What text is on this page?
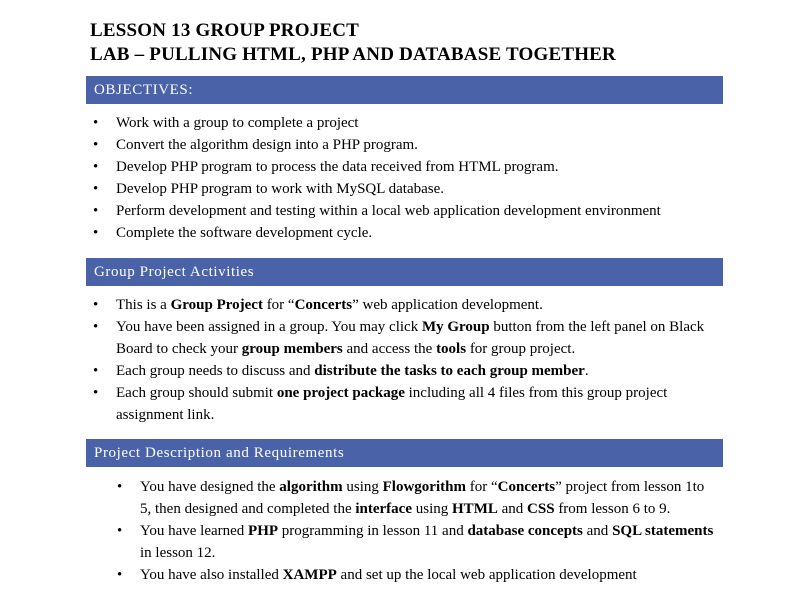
LESSON 13 GROUP PROJECT
LAB – PULLING HTML, PHP AND DATABASE TOGETHER
OBJECTIVES:
• Work with a group to complete a project
• Convert the algorithm design into a PHP program.
• Develop PHP program to process the data received from HTML program.
• Develop PHP program to work with MySQL database.
• Perform development and testing within a local web application development environment
• Complete the software development cycle.
Group Project Activities
• This is a Group Project for “Concerts” web application development.
• You have been assigned in a group. You may click My Group button from the left panel on Black Board to check your group members and access the tools for group project.
• Each group needs to discuss and distribute the tasks to each group member.
• Each group should submit one project package including all 4 files from this group project assignment link.
Project Description and Requirements
• You have designed the algorithm using Flowgorithm for “Concerts” project from lesson 1to 5, then designed and completed the interface using HTML and CSS from lesson 6 to 9.
• You have learned PHP programming in lesson 11 and database concepts and SQL statements in lesson 12.
• You have also installed XAMPP and set up the local web application development
